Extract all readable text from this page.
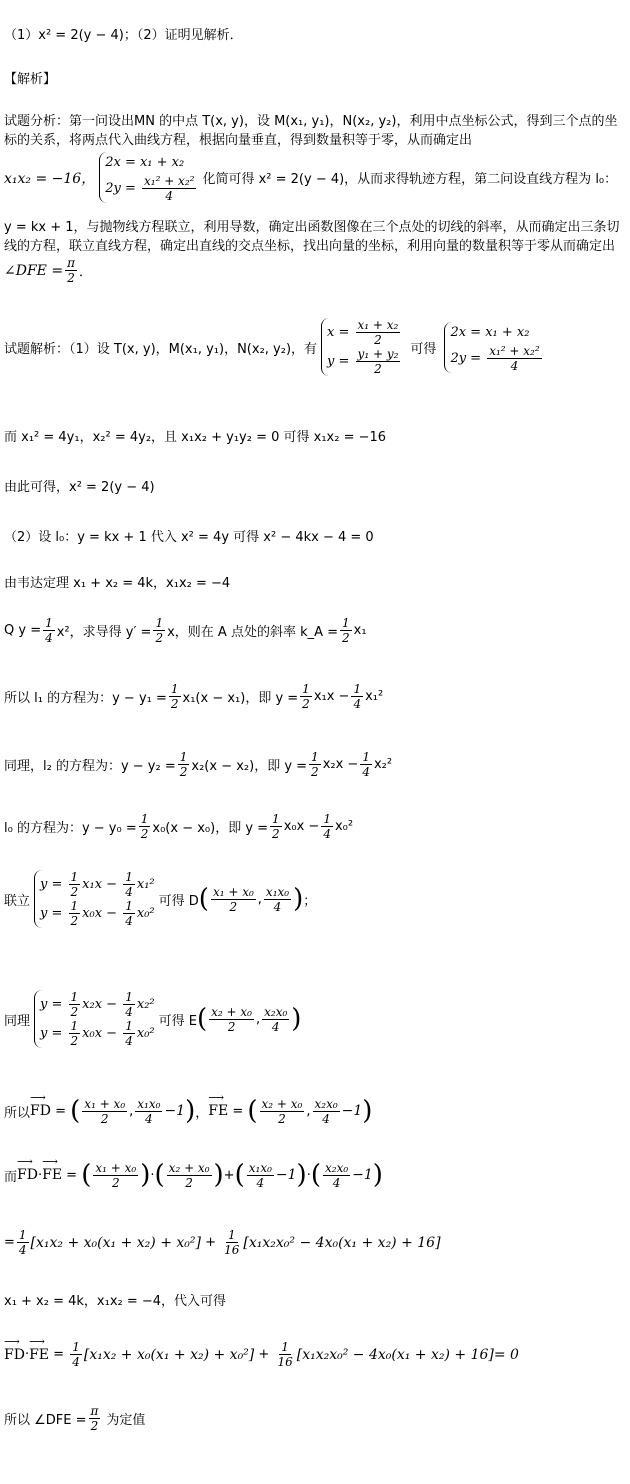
（1）x² = 2(y − 4)；（2）证明见解析．
【解析】
试题分析：第一问设出MN 的中点 T(x, y)，设 M(x₁, y₁)，N(x₂, y₂)，利用中点坐标公式，得到三个点的坐标的关系，将两点代入曲线方程，根据向量垂直，得到数量积等于零，从而确定出
x₁x₂ = −16，
2x = x₁ + x₂
$2y = \frac{\text{x₁² + x₂²}}{4}$ 化简可得 x² = 2(y − 4)，从而求得轨迹方程，第二问设直线方程为 l₀：
y = kx + 1，与抛物线方程联立，利用导数，确定出函数图像在三个点处的切线的斜率，从而确定出三条切线的方程，联立直线方程，确定出直线的交点坐标，找出向量的坐标，利用向量的数量积等于零从而确定出
∠DFE = $\frac{\pi}{2}$ ．
试题解析：（1）设 T(x, y)，M(x₁, y₁)，N(x₂, y₂)，有
$x = \frac{\text{x₁ + x₂}}{2}$
$y = \frac{\text{y₁ + y₂}}{2}$ 可得
2x = x₁ + x₂
$2y = \frac{\text{x₁² + x₂²}}{4}$
而 x₁² = 4y₁，x₂² = 4y₂，且 x₁x₂ + y₁y₂ = 0 可得 x₁x₂ = −16
由此可得，x² = 2(y − 4)
（2）设 l₀：y = kx + 1 代入 x² = 4y 可得 x² − 4kx − 4 = 0
由韦达定理 x₁ + x₂ = 4k，x₁x₂ = −4
Q $y = \frac{1}{4} x^2$，求导得 $y' = \frac{1}{2}$ x，则在 A 点处的斜率 k_A = $\frac{1}{2} x_1$
所以 l₁ 的方程为：$y - y_1 = \frac{1}{2} x_1(x - x_1)$，即 $y = \frac{1}{2} x_1x - \frac{1}{4} x_1^2$
同理，l₂ 的方程为：$y - y_2 = \frac{1}{2} x_2(x - x_2)$，即 $y = \frac{1}{2} x_2x - \frac{1}{4} x_2^2$
l₀ 的方程为：$y - y_0 = \frac{1}{2} x_0(x - x_0)$，即 $y = \frac{1}{2} x_0x - \frac{1}{4} x_0^2$
联立
$y = \frac{1}{2} x_1x - \frac{1}{4} x_1^2$
$y = \frac{1}{2} x_0x - \frac{1}{4} x_0^2$
可得 D ( $\frac{\text{x₁ + x₀}}{2}$ , $\frac{\text{x₁x₀}}{4}$ ) ；
同理
$y = \frac{1}{2} x_2x - \frac{1}{4} x_2^2$
$y = \frac{1}{2} x_0x - \frac{1}{4} x_0^2$
可得 E ( $\frac{\text{x₂ + x₀}}{2}$ , $\frac{\text{x₂x₀}}{4}$ )
所以 ⟶ FD = ( $\frac{\text{x₁ + x₀}}{2}$ , $\frac{\text{x₁x₀}}{4} -1$ ) ， ⟶ FE = ( $\frac{\text{x₂ + x₀}}{2}$ , $\frac{\text{x₂x₀}}{4} -1$ )
而 ⟶ FD · ⟶ FE = ( $\frac{\text{x₁ + x₀}}{2}$ ) · ( $\frac{\text{x₂ + x₀}}{2}$ ) + ( $\frac{\text{x₁x₀}}{4} -1$ ) · ( $\frac{\text{x₂x₀}}{4} -1$ )
= $\frac{1}{4}$ [ x₁x₂ + x₀(x₁ + x₂) + x₀² ] + $\frac{1}{16}$ [ x₁x₂x₀² − 4x₀(x₁ + x₂) + 16 ]
x₁ + x₂ = 4k，x₁x₂ = −4，代入可得
⟶ FD · ⟶ FE = $\frac{1}{4}$ [ x₁x₂ + x₀(x₁ + x₂) + x₀² ] + $\frac{1}{16}$ [ x₁x₂x₀² − 4x₀(x₁ + x₂) + 16 ] = 0
所以 ∠DFE = $\frac{\pi}{2}$ 为定值
